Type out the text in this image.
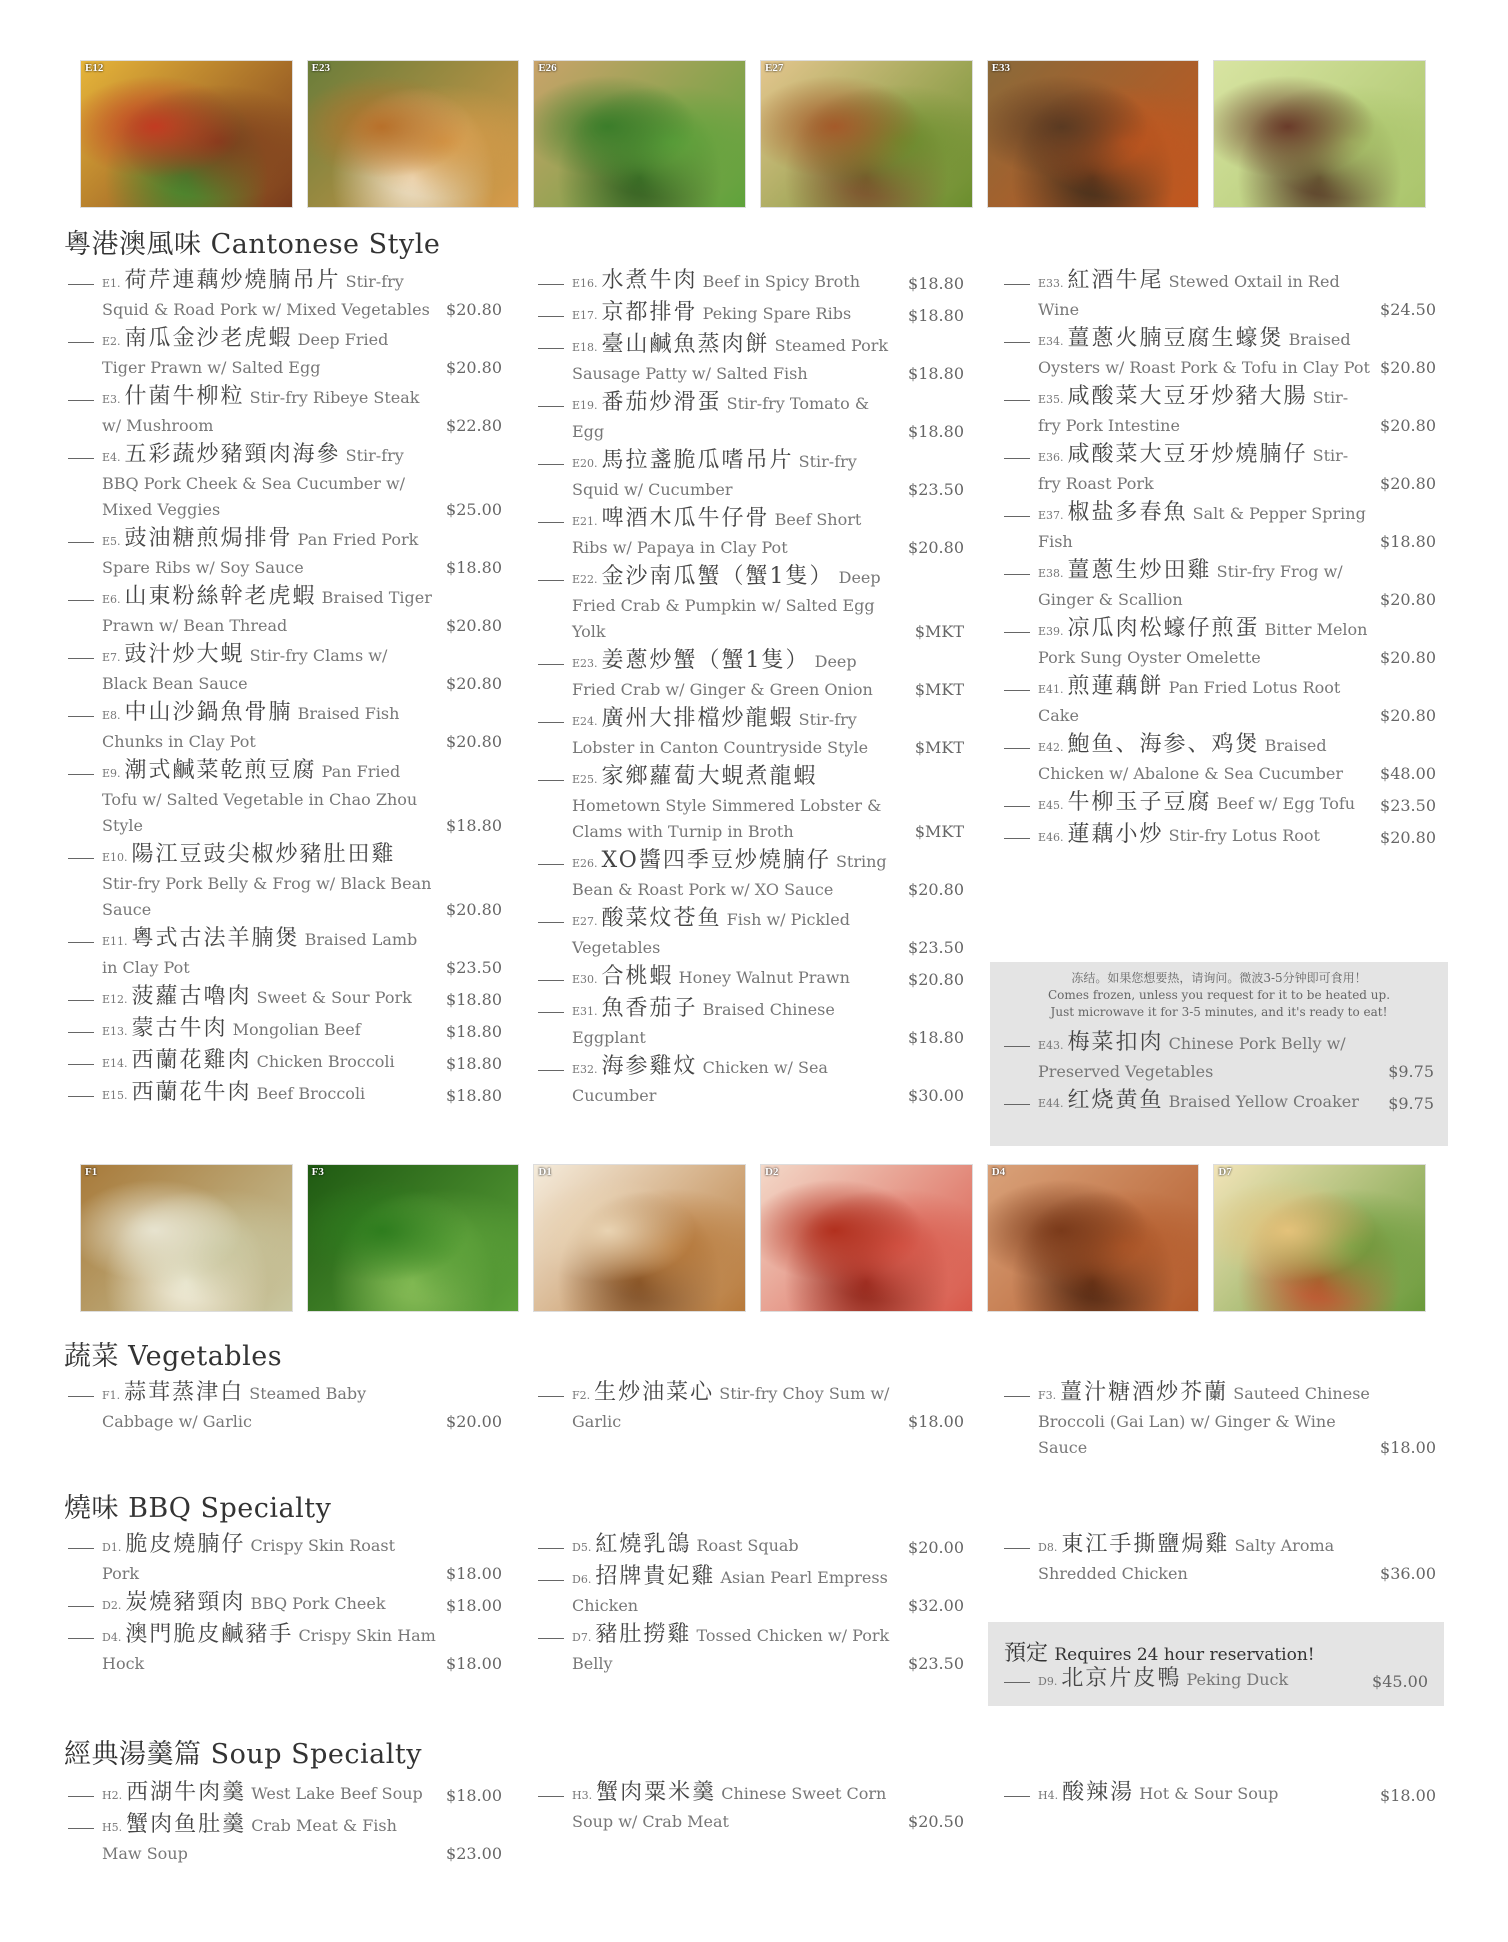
E12	E23	E26	E27	E33
粵港澳風味 Cantonese Style
E1. 荷芹連藕炒燒腩吊片 Stir-fry Squid & Road Pork w/ Mixed Vegetables $20.80
E2. 南瓜金沙老虎蝦 Deep Fried Tiger Prawn w/ Salted Egg	$20.80
E3. 什菌牛柳粒 Stir-fry Ribeye Steak w/ Mushroom	$22.80
E4. 五彩蔬炒豬頸肉海參 Stir-fry BBQ Pork Cheek & Sea Cucumber w/ Mixed Veggies	$25.00
E5. 豉油糖煎焗排骨 Pan Fried Pork Spare Ribs w/ Soy Sauce	$18.80
E6. 山東粉絲幹老虎蝦 Braised Tiger Prawn w/ Bean Thread	$20.80
E7. 豉汁炒大蜆 Stir-fry Clams w/ Black Bean Sauce	$20.80
E8. 中山沙鍋魚骨腩 Braised Fish Chunks in Clay Pot	$20.80
E9. 潮式鹹菜乾煎豆腐 Pan Fried Tofu w/ Salted Vegetable in Chao Zhou Style	$18.80
E10. 陽江豆豉尖椒炒豬肚田雞 Stir-fry Pork Belly & Frog w/ Black Bean Sauce	$20.80
E11. 粵式古法羊腩煲 Braised Lamb in Clay Pot	$23.50
E12. 菠蘿古嚕肉 Sweet & Sour Pork $18.80
E13. 蒙古牛肉 Mongolian Beef	$18.80
E14. 西蘭花雞肉 Chicken Broccoli	$18.80
E15. 西蘭花牛肉 Beef Broccoli	$18.80
E16. 水煮牛肉 Beef in Spicy Broth	$18.80
E17. 京都排骨 Peking Spare Ribs	$18.80
E18. 臺山鹹魚蒸肉餅 Steamed Pork Sausage Patty w/ Salted Fish	$18.80
E19. 番茄炒滑蛋 Stir-fry Tomato & Egg	$18.80
E20. 馬拉盞脆瓜嗜吊片 Stir-fry Squid w/ Cucumber	$23.50
E21. 啤酒木瓜牛仔骨 Beef Short Ribs w/ Papaya in Clay Pot	$20.80
E22. 金沙南瓜蟹（蟹1隻） Deep Fried Crab & Pumpkin w/ Salted Egg Yolk	$MKT
E23. 姜蔥炒蟹（蟹1隻） Deep Fried Crab w/ Ginger & Green Onion	$MKT
E24. 廣州大排檔炒龍蝦 Stir-fry Lobster in Canton Countryside Style	$MKT
E25. 家鄉蘿蔔大蜆煮龍蝦 Hometown Style Simmered Lobster & Clams with Turnip in Broth	$MKT
E26. XO醬四季豆炒燒腩仔 String Bean & Roast Pork w/ XO Sauce	$20.80
E27. 酸菜炆苍鱼 Fish w/ Pickled Vegetables	$23.50
E30. 合桃蝦 Honey Walnut Prawn	$20.80
E31. 魚香茄子 Braised Chinese Eggplant	$18.80
E32. 海参雞炆 Chicken w/ Sea Cucumber	$30.00
E33. 紅酒牛尾 Stewed Oxtail in Red Wine	$24.50
E34. 薑蔥火腩豆腐生蠔煲 Braised Oysters w/ Roast Pork & Tofu in Clay Pot $20.80
E35. 咸酸菜大豆牙炒豬大腸 Stir-fry Pork Intestine	$20.80
E36. 咸酸菜大豆牙炒燒腩仔 Stir-fry Roast Pork	$20.80
E37. 椒盐多春魚 Salt & Pepper Spring Fish	$18.80
E38. 薑蔥生炒田雞 Stir-fry Frog w/ Ginger & Scallion	$20.80
E39. 凉瓜肉松蠔仔煎蛋 Bitter Melon Pork Sung Oyster Omelette	$20.80
E41. 煎蓮藕餅 Pan Fried Lotus Root Cake	$20.80
E42. 鮑鱼、海参、鸡煲 Braised Chicken w/ Abalone & Sea Cucumber $48.00
E45. 牛柳玉子豆腐 Beef w/ Egg Tofu $23.50
E46. 蓮藕小炒 Stir-fry Lotus Root	$20.80
冻结。如果您想要热，请询问。微波3-5分钟即可食用！
Comes frozen, unless you request for it to be heated up.
Just microwave it for 3-5 minutes, and it's ready to eat!
E43. 梅菜扣肉 Chinese Pork Belly w/ Preserved Vegetables	$9.75
E44. 红烧黄鱼 Braised Yellow Croaker $9.75
F1	F3	D1	D2	D4	D7
蔬菜 Vegetables
F1. 蒜茸蒸津白 Steamed Baby Cabbage w/ Garlic	$20.00
F2. 生炒油菜心 Stir-fry Choy Sum w/ Garlic	$18.00
F3. 薑汁糖酒炒芥蘭 Sauteed Chinese Broccoli (Gai Lan) w/ Ginger & Wine Sauce	$18.00
燒味 BBQ Specialty
D1. 脆皮燒腩仔 Crispy Skin Roast Pork	$18.00
D2. 炭燒豬頸肉 BBQ Pork Cheek	$18.00
D4. 澳門脆皮鹹豬手 Crispy Skin Ham Hock	$18.00
D5. 紅燒乳鴿 Roast Squab	$20.00
D6. 招牌貴妃雞 Asian Pearl Empress Chicken	$32.00
D7. 豬肚撈雞 Tossed Chicken w/ Pork Belly	$23.50
D8. 東江手撕鹽焗雞 Salty Aroma Shredded Chicken	$36.00
預定 Requires 24 hour reservation!
D9. 北京片皮鴨 Peking Duck	$45.00
經典湯羹篇 Soup Specialty
H2. 西湖牛肉羹 West Lake Beef Soup $18.00
H5. 蟹肉鱼肚羹 Crab Meat & Fish Maw Soup	$23.00
H3. 蟹肉粟米羹 Chinese Sweet Corn Soup w/ Crab Meat	$20.50
H4. 酸辣湯 Hot & Sour Soup	$18.00
